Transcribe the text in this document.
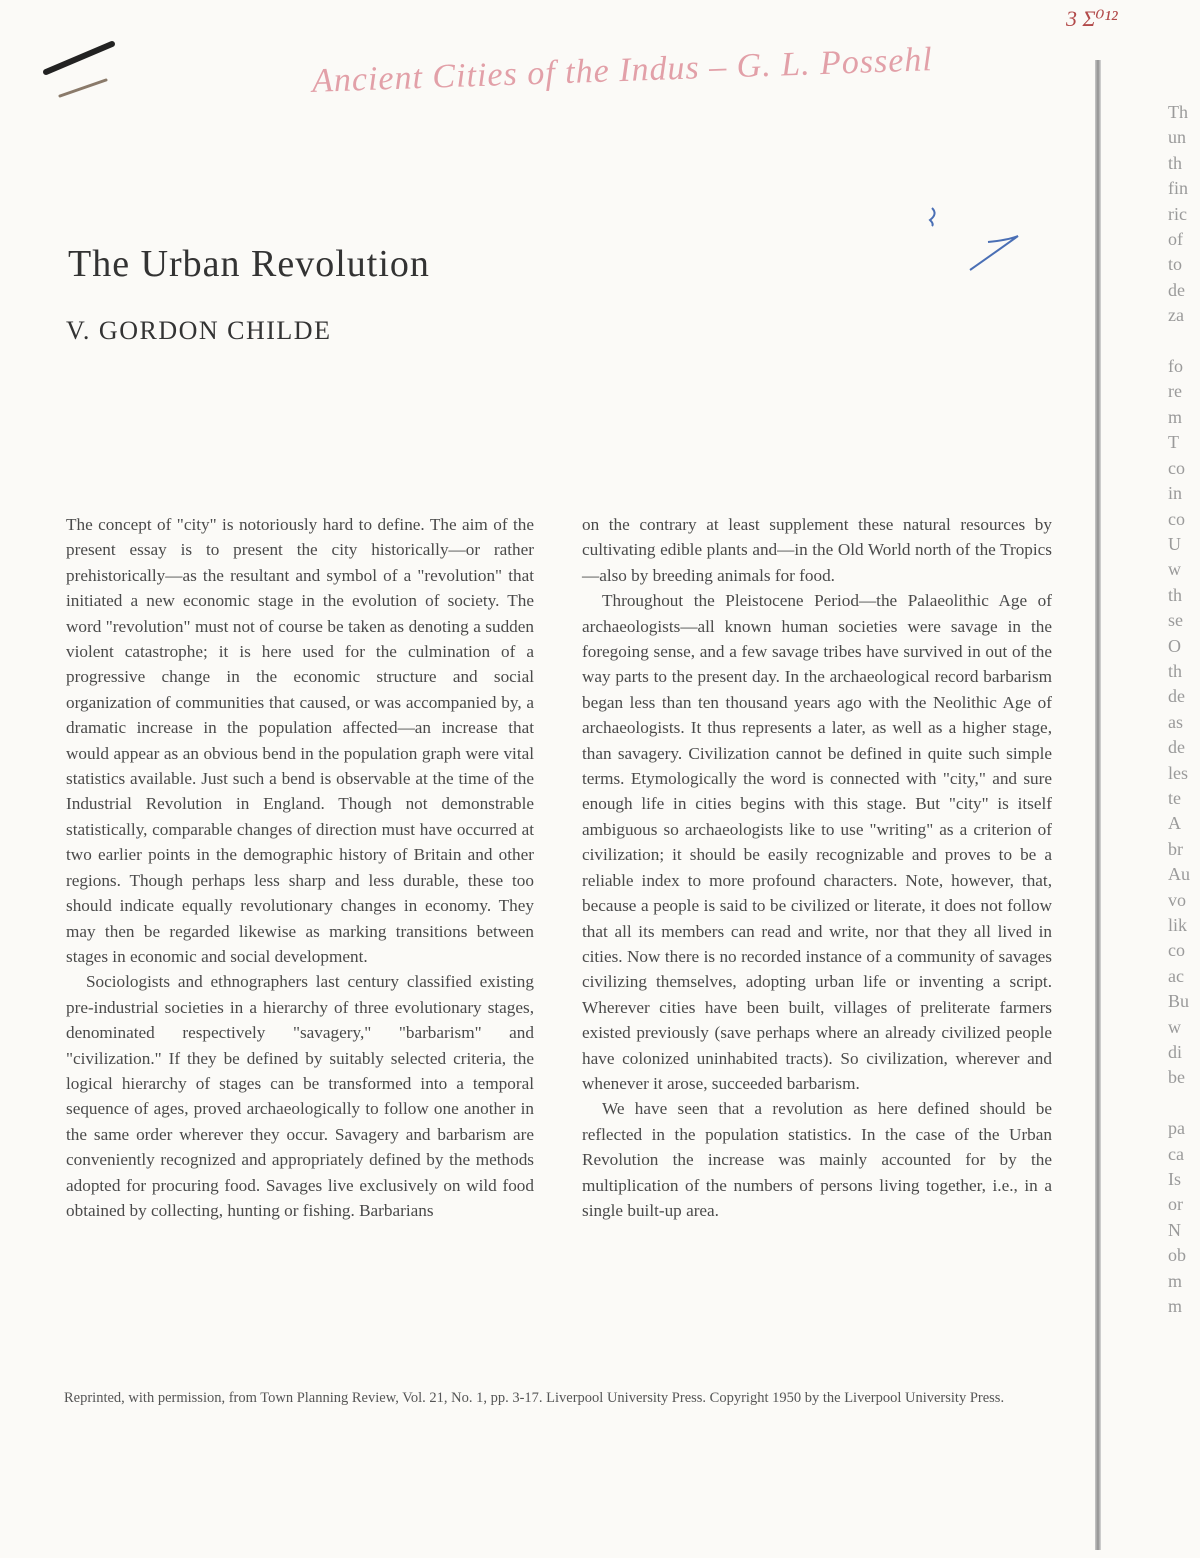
Th
un
th
fin
ric
of
to
de
za

fo
re
m
T
co
in
co
U
w
th
se
O
th
de
as
de
les
te
A
br
Au
vo
lik
co
ac
Bu
w
di
be

pa
ca
Is
or
N
ob
m
m
Ancient Cities of the Indus – G. L. Possehl
3 Σ⁰¹²
The Urban Revolution
V. GORDON CHILDE

The concept of "city" is notoriously hard to define. The aim of the present essay is to present the city historically—or rather prehistorically—as the resultant and symbol of a "revolution" that initiated a new economic stage in the evolution of society. The word "revolution" must not of course be taken as denoting a sudden violent catastrophe; it is here used for the culmination of a progressive change in the economic structure and social organization of communities that caused, or was accompanied by, a dramatic increase in the population affected—an increase that would appear as an obvious bend in the population graph were vital statistics available. Just such a bend is observable at the time of the Industrial Revolution in England. Though not demonstrable statistically, comparable changes of direction must have occurred at two earlier points in the demographic history of Britain and other regions. Though perhaps less sharp and less durable, these too should indicate equally revolutionary changes in economy. They may then be regarded likewise as marking transitions between stages in economic and social development.

Sociologists and ethnographers last century classified existing pre-industrial societies in a hierarchy of three evolutionary stages, denominated respectively "savagery," "barbarism" and "civilization." If they be defined by suitably selected criteria, the logical hierarchy of stages can be transformed into a temporal sequence of ages, proved archaeologically to follow one another in the same order wherever they occur. Savagery and barbarism are conveniently recognized and appropriately defined by the methods adopted for procuring food. Savages live exclusively on wild food obtained by collecting, hunting or fishing. Barbarians

on the contrary at least supplement these natural resources by cultivating edible plants and—in the Old World north of the Tropics—also by breeding animals for food.

Throughout the Pleistocene Period—the Palaeolithic Age of archaeologists—all known human societies were savage in the foregoing sense, and a few savage tribes have survived in out of the way parts to the present day. In the archaeological record barbarism began less than ten thousand years ago with the Neolithic Age of archaeologists. It thus represents a later, as well as a higher stage, than savagery. Civilization cannot be defined in quite such simple terms. Etymologically the word is connected with "city," and sure enough life in cities begins with this stage. But "city" is itself ambiguous so archaeologists like to use "writing" as a criterion of civilization; it should be easily recognizable and proves to be a reliable index to more profound characters. Note, however, that, because a people is said to be civilized or literate, it does not follow that all its members can read and write, nor that they all lived in cities. Now there is no recorded instance of a community of savages civilizing themselves, adopting urban life or inventing a script. Wherever cities have been built, villages of preliterate farmers existed previously (save perhaps where an already civilized people have colonized uninhabited tracts). So civilization, wherever and whenever it arose, succeeded barbarism.

We have seen that a revolution as here defined should be reflected in the population statistics. In the case of the Urban Revolution the increase was mainly accounted for by the multiplication of the numbers of persons living together, i.e., in a single built-up area.

Reprinted, with permission, from Town Planning Review, Vol. 21, No. 1, pp. 3-17. Liverpool University Press. Copyright 1950 by the Liverpool University Press.
